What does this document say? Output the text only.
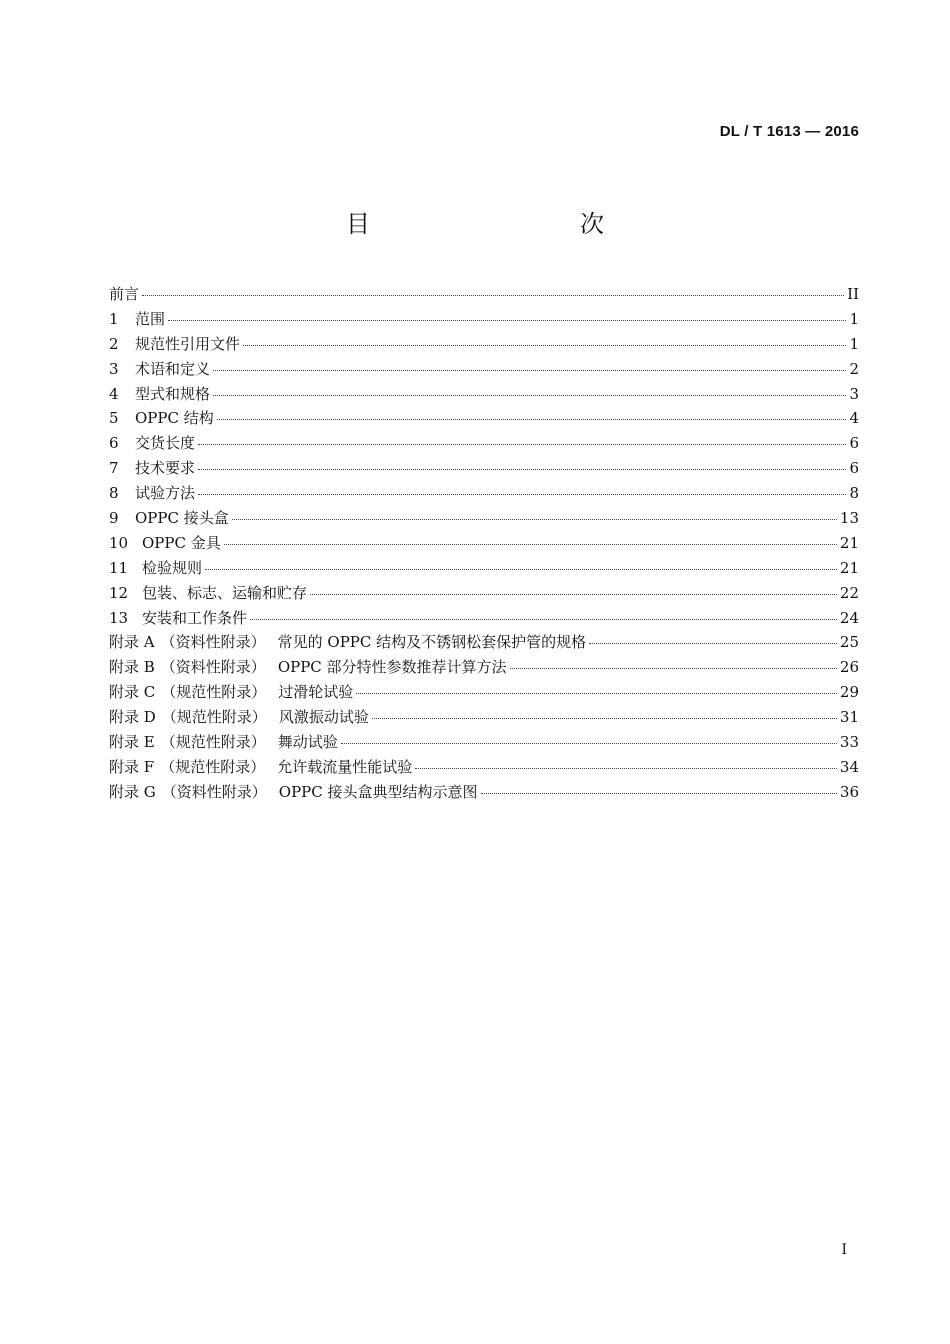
DL / T 1613 — 2016
目　　次
前言	II
1 范围	1
2 规范性引用文件	1
3 术语和定义	2
4 型式和规格	3
5 OPPC 结构	4
6 交货长度	6
7 技术要求	6
8 试验方法	8
9 OPPC 接头盒	13
10 OPPC 金具	21
11 检验规则	21
12 包装、标志、运输和贮存	22
13 安装和工作条件	24
附录 A （资料性附录） 常见的 OPPC 结构及不锈钢松套保护管的规格	25
附录 B （资料性附录） OPPC 部分特性参数推荐计算方法	26
附录 C （规范性附录） 过滑轮试验	29
附录 D （规范性附录） 风激振动试验	31
附录 E （规范性附录） 舞动试验	33
附录 F （规范性附录） 允许载流量性能试验	34
附录 G （资料性附录） OPPC 接头盒典型结构示意图	36
I
